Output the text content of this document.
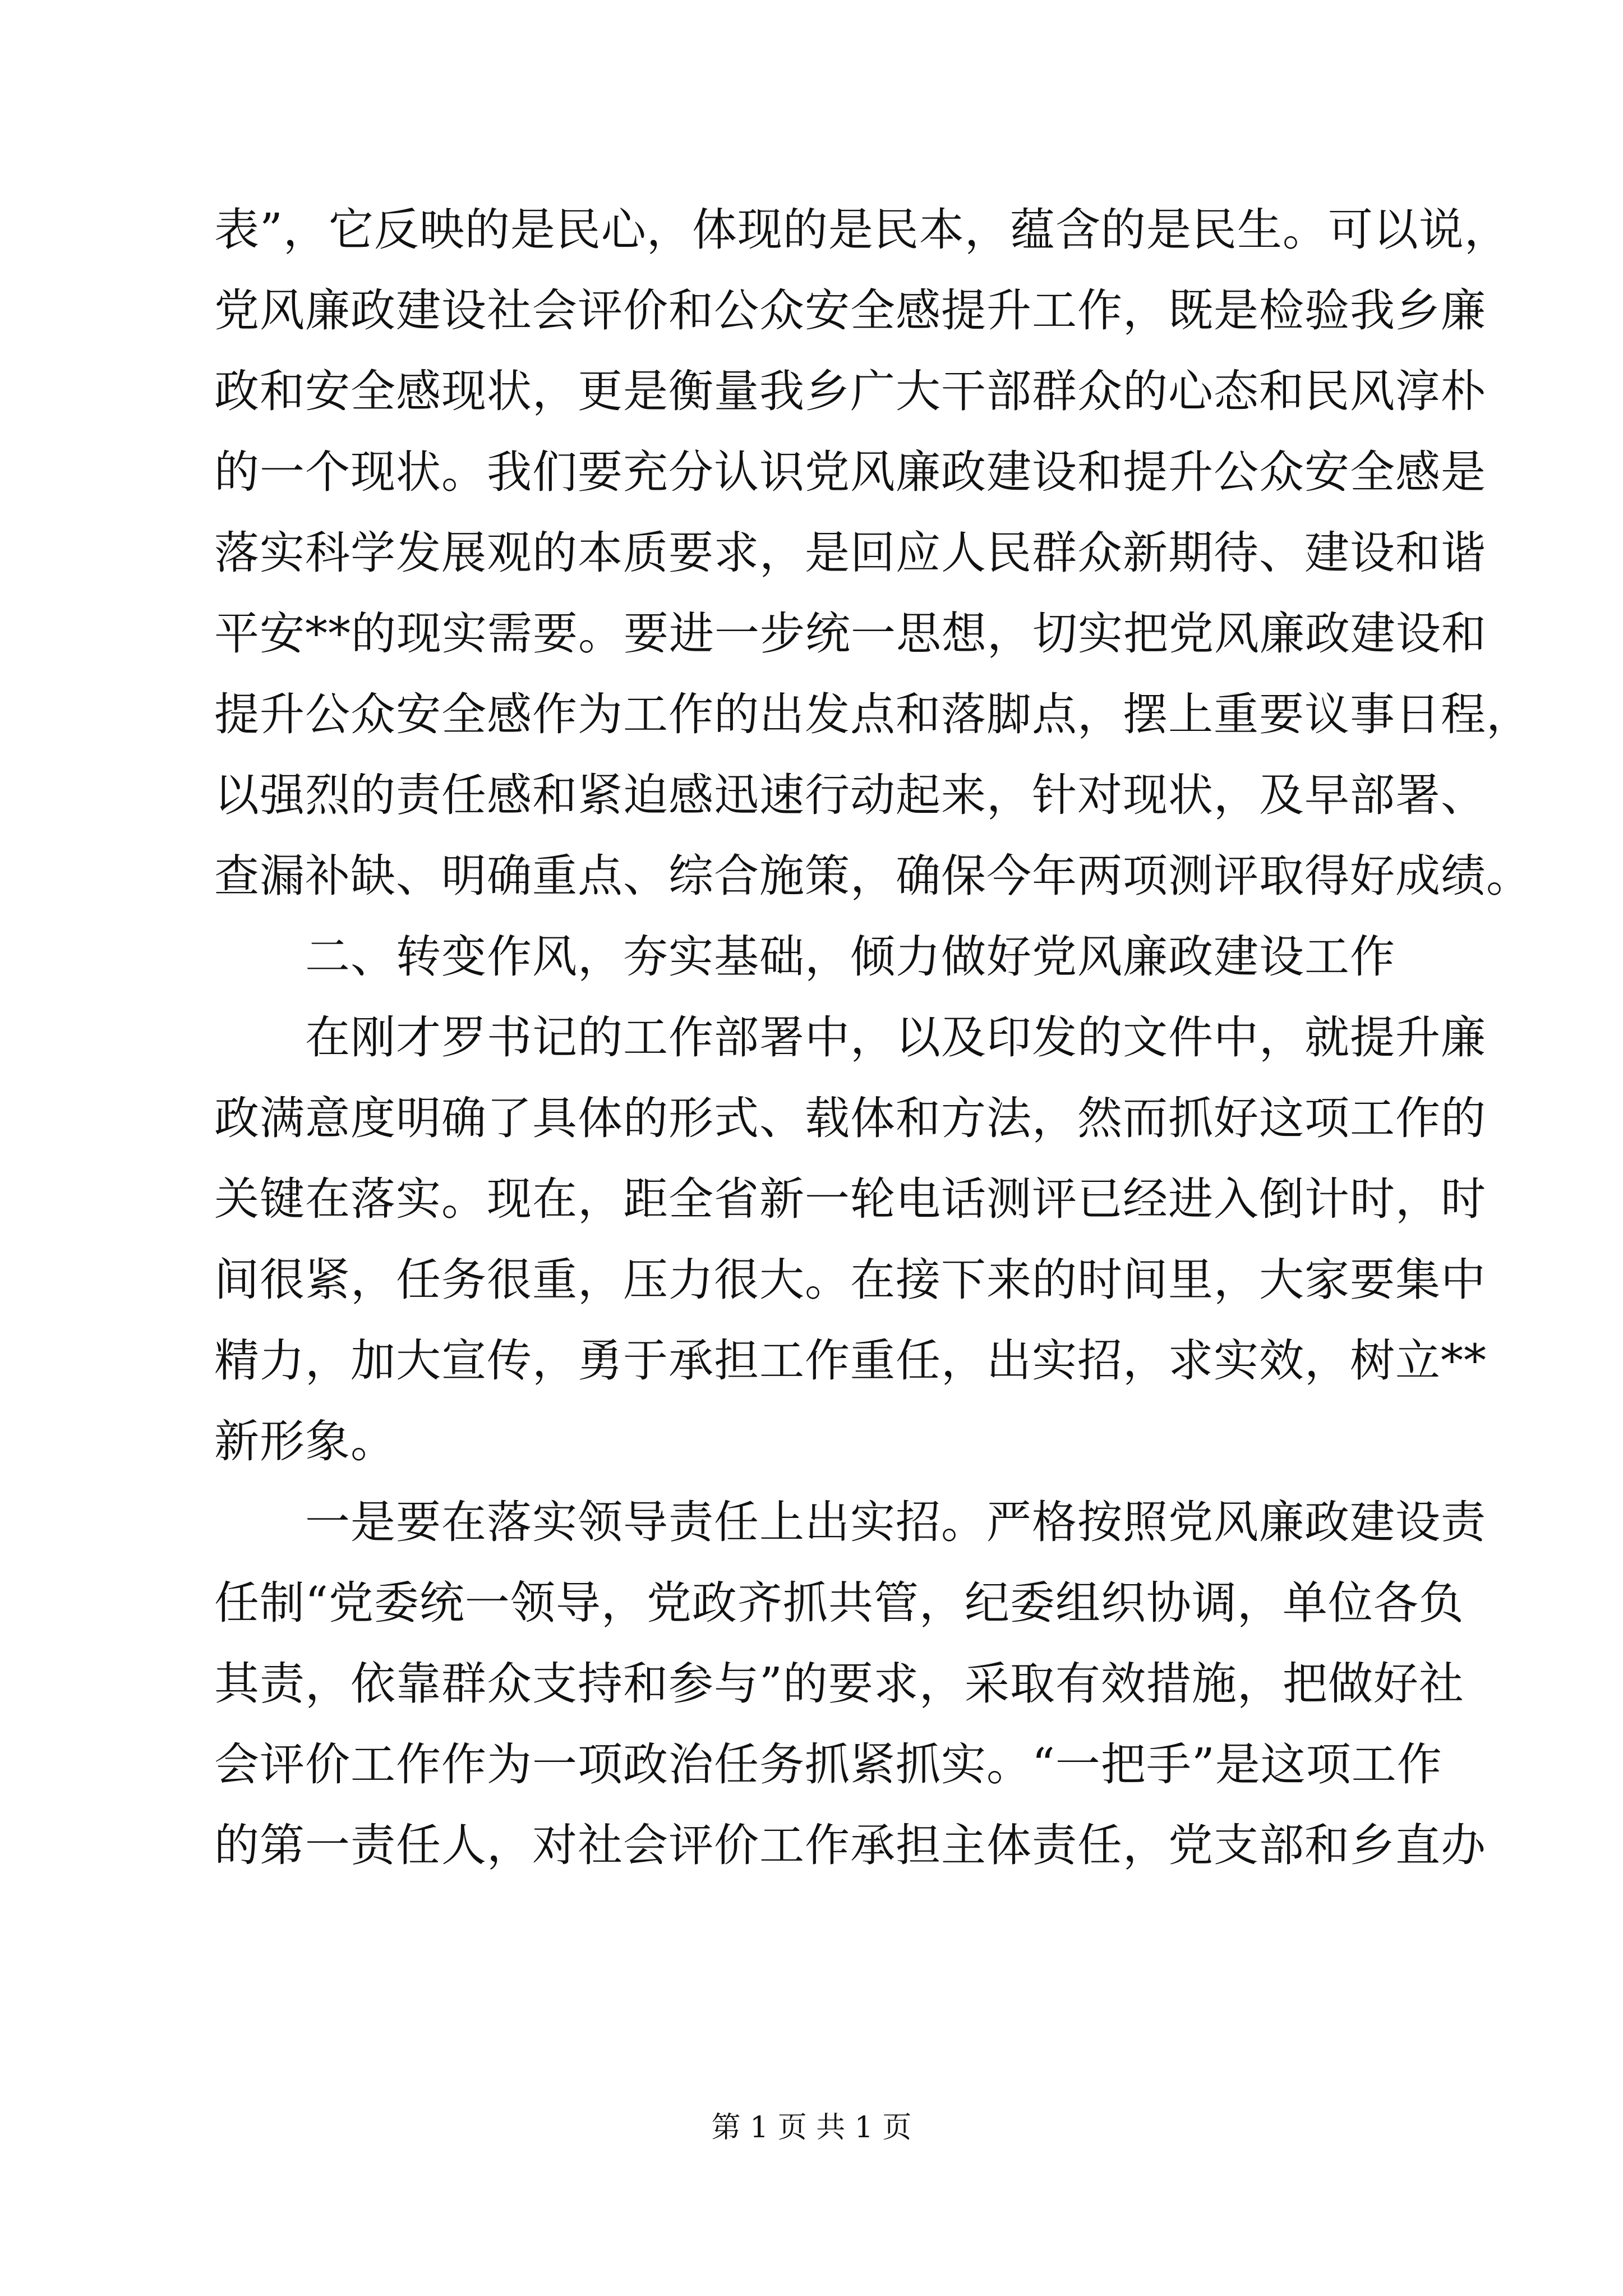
表”，它反映的是民心，体现的是民本，蕴含的是民生。可以说，
党风廉政建设社会评价和公众安全感提升工作，既是检验我乡廉
政和安全感现状，更是衡量我乡广大干部群众的心态和民风淳朴
的一个现状。我们要充分认识党风廉政建设和提升公众安全感是
落实科学发展观的本质要求，是回应人民群众新期待、建设和谐
平安**的现实需要。要进一步统一思想，切实把党风廉政建设和
提升公众安全感作为工作的出发点和落脚点，摆上重要议事日程，
以强烈的责任感和紧迫感迅速行动起来，针对现状，及早部署、
查漏补缺、明确重点、综合施策，确保今年两项测评取得好成绩。
　　二、转变作风，夯实基础，倾力做好党风廉政建设工作
　　在刚才罗书记的工作部署中，以及印发的文件中，就提升廉
政满意度明确了具体的形式、载体和方法，然而抓好这项工作的
关键在落实。现在，距全省新一轮电话测评已经进入倒计时，时
间很紧，任务很重，压力很大。在接下来的时间里，大家要集中
精力，加大宣传，勇于承担工作重任，出实招，求实效，树立**
新形象。
　　一是要在落实领导责任上出实招。严格按照党风廉政建设责
任制“党委统一领导，党政齐抓共管，纪委组织协调，单位各负
其责，依靠群众支持和参与”的要求，采取有效措施，把做好社
会评价工作作为一项政治任务抓紧抓实。“一把手”是这项工作
的第一责任人，对社会评价工作承担主体责任，党支部和乡直办
第 1 页 共 1 页
